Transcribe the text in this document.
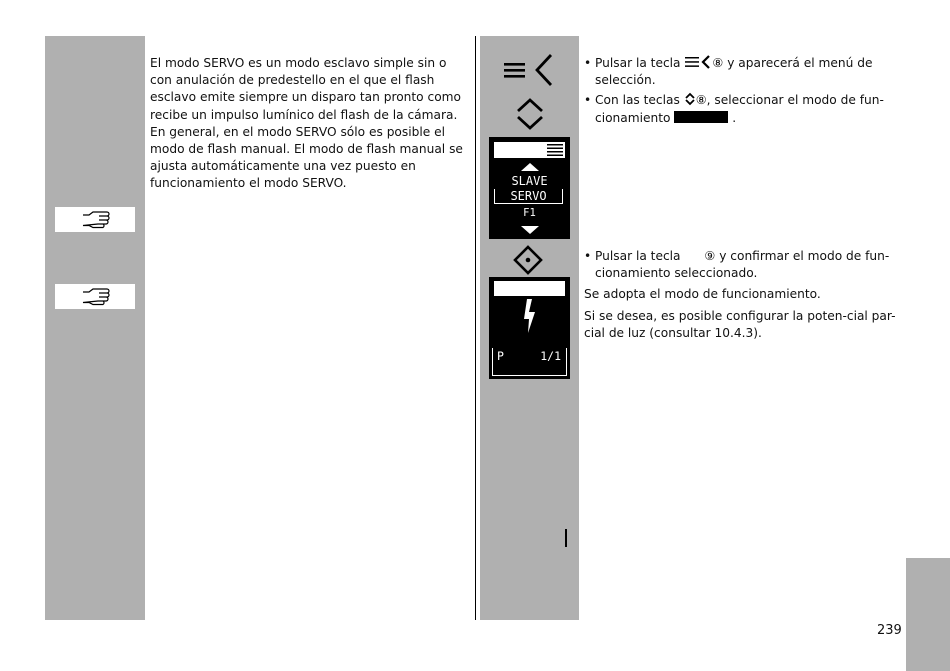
El modo SERVO es un modo esclavo simple sin o con anulación de predestello en el que el flash esclavo emite siempre un disparo tan pronto como recibe un impulso lumínico del flash de la cámara.

En general, en el modo SERVO sólo es posible el modo de flash manual. El modo de flash manual se ajusta automáticamente una vez puesto en funcionamiento el modo SERVO.	SLAVE
SERVO
F1
P	1/1

• Pulsar la tecla ⑧ y aparecerá el menú de selección.

• Con las teclas ⑧, seleccionar el modo de fun-
cionamiento	.

• Pulsar la tecla ⑨ y confirmar el modo de fun-cionamiento seleccionado.

Se adopta el modo de funcionamiento.

Si se desea, es posible configurar la poten-cial par-cial de luz (consultar 10.4.3).

239
